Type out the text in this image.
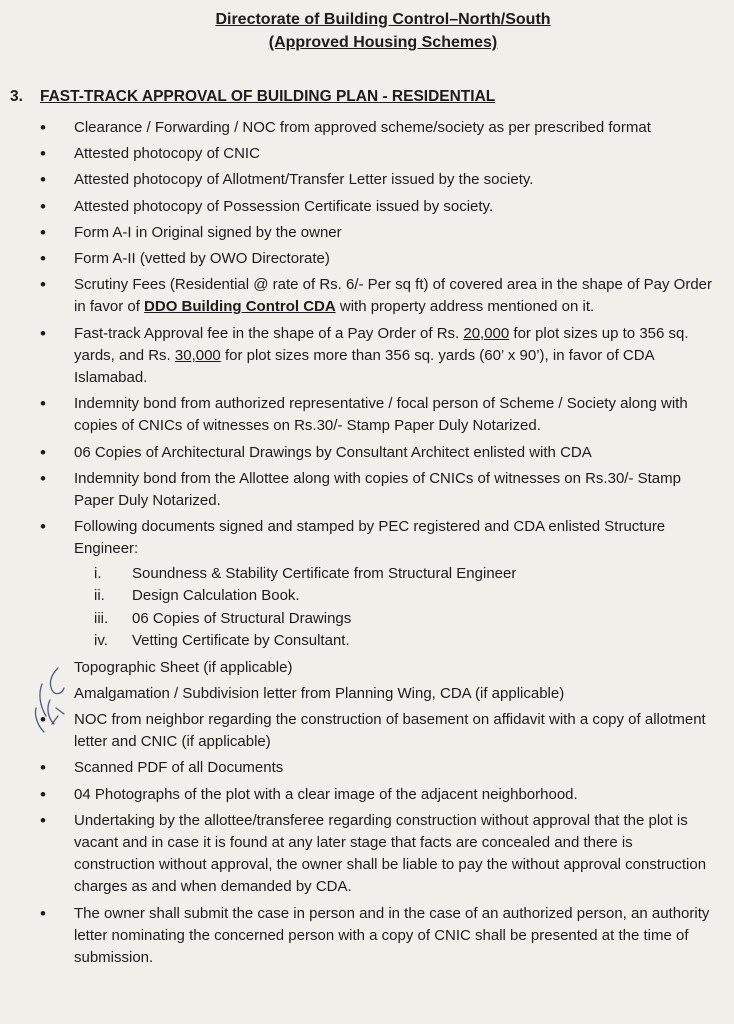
Directorate of Building Control–North/South
(Approved Housing Schemes)
3.	FAST-TRACK APPROVAL OF BUILDING PLAN - RESIDENTIAL
• Clearance / Forwarding / NOC from approved scheme/society as per prescribed format
• Attested photocopy of CNIC
• Attested photocopy of Allotment/Transfer Letter issued by the society.
• Attested photocopy of Possession Certificate issued by society.
• Form A-I in Original signed by the owner
• Form A-II (vetted by OWO Directorate)
• Scrutiny Fees (Residential @ rate of Rs. 6/- Per sq ft) of covered area in the shape of Pay Order in favor of DDO Building Control CDA with property address mentioned on it.
• Fast-track Approval fee in the shape of a Pay Order of Rs. 20,000 for plot sizes up to 356 sq. yards, and Rs. 30,000 for plot sizes more than 356 sq. yards (60’ x 90’), in favor of CDA Islamabad.
• Indemnity bond from authorized representative / focal person of Scheme / Society along with copies of CNICs of witnesses on Rs.30/- Stamp Paper Duly Notarized.
• 06 Copies of Architectural Drawings by Consultant Architect enlisted with CDA
• Indemnity bond from the Allottee along with copies of CNICs of witnesses on Rs.30/- Stamp Paper Duly Notarized.
• Following documents signed and stamped by PEC registered and CDA enlisted Structure Engineer:
i.	Soundness & Stability Certificate from Structural Engineer
ii.	Design Calculation Book.
iii.	06 Copies of Structural Drawings
iv.	Vetting Certificate by Consultant.
Topographic Sheet (if applicable)
Amalgamation / Subdivision letter from Planning Wing, CDA (if applicable)
• NOC from neighbor regarding the construction of basement on affidavit with a copy of allotment letter and CNIC (if applicable)
• Scanned PDF of all Documents
• 04 Photographs of the plot with a clear image of the adjacent neighborhood.
• Undertaking by the allottee/transferee regarding construction without approval that the plot is vacant and in case it is found at any later stage that facts are concealed and there is construction without approval, the owner shall be liable to pay the without approval construction charges as and when demanded by CDA.
• The owner shall submit the case in person and in the case of an authorized person, an authority letter nominating the concerned person with a copy of CNIC shall be presented at the time of submission.
